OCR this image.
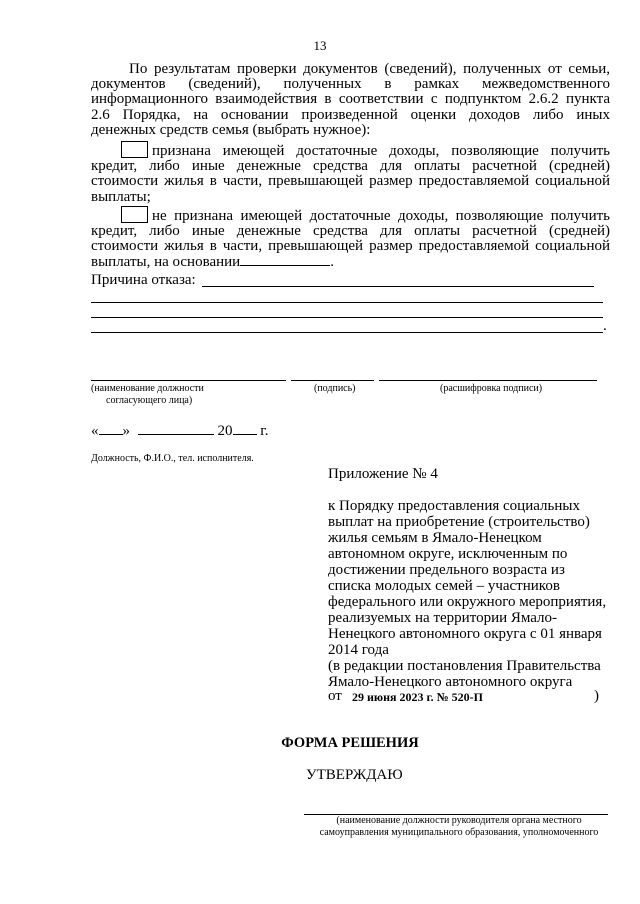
13
По результатам проверки документов (сведений), полученных от семьи,
документов (сведений), полученных в рамках межведомственного
информационного взаимодействия в соответствии с подпунктом 2.6.2 пункта
2.6 Порядка, на основании произведенной оценки доходов либо иных
денежных средств семья (выбрать нужное):
признана имеющей достаточные доходы, позволяющие получить
кредит, либо иные денежные средства для оплаты расчетной (средней)
стоимости жилья в части, превышающей размер предоставляемой социальной
выплаты;
не признана имеющей достаточные доходы, позволяющие получить
кредит, либо иные денежные средства для оплаты расчетной (средней)
стоимости жилья в части, превышающей размер предоставляемой социальной
выплаты, на основании	.
Причина отказа:
.
(наименование должности
согласующего лица)
(подпись)	(расшифровка подписи)
« »	20 г.
Должность, Ф.И.О., тел. исполнителя.
Приложение № 4
к Порядку предоставления социальных
выплат на приобретение (строительство)
жилья семьям в Ямало-Ненецком
автономном округе, исключенным по
достижении предельного возраста из
списка молодых семей – участников
федерального или окружного мероприятия,
реализуемых на территории Ямало-
Ненецкого автономного округа с 01 января
2014 года
(в редакции постановления Правительства
Ямало-Ненецкого автономного округа
от 29 июня 2023 г. № 520-П	)
ФОРМА РЕШЕНИЯ
УТВЕРЖДАЮ
(наименование должности руководителя органа местного
самоуправления муниципального образования, уполномоченного
